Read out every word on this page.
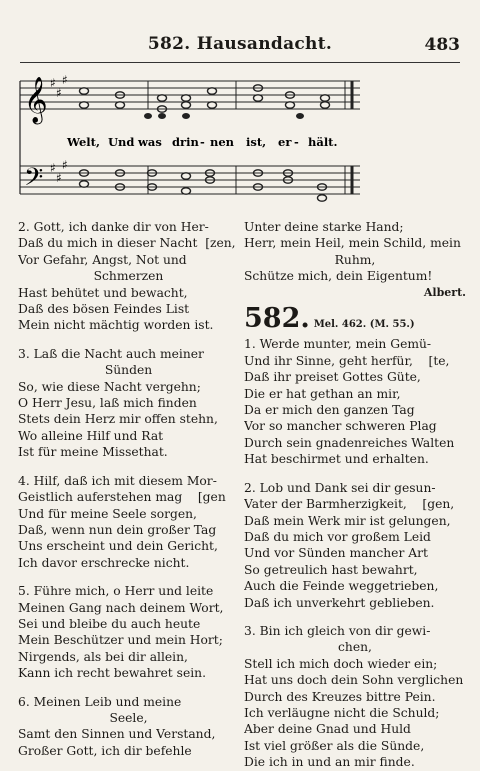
582. Hausandacht.	483
𝄞
𝄢
♯
♯
♯
♯
♯
♯
Welt, Und was drin - nen ist, er - hält.
2. Gott, ich danke dir von Her-
Daß du mich in dieser Nacht  [zen,
Vor Gefahr, Angst, Not und
Schmerzen
Hast behütet und bewacht,
Daß des bösen Feindes List
Mein nicht mächtig worden ist.
3. Laß die Nacht auch meiner
Sünden
So, wie diese Nacht vergehn;
O Herr Jesu, laß mich finden
Stets dein Herz mir offen stehn,
Wo alleine Hilf und Rat
Ist für meine Missethat.
4. Hilf, daß ich mit diesem Mor-
Geistlich auferstehen mag    [gen
Und für meine Seele sorgen,
Daß, wenn nun dein großer Tag
Uns erscheint und dein Gericht,
Ich davor erschrecke nicht.
5. Führe mich, o Herr und leite
Meinen Gang nach deinem Wort,
Sei und bleibe du auch heute
Mein Beschützer und mein Hort;
Nirgends, als bei dir allein,
Kann ich recht bewahret sein.
6. Meinen Leib und meine
Seele,
Samt den Sinnen und Verstand,
Großer Gott, ich dir befehle
Unter deine starke Hand;
Herr, mein Heil, mein Schild, mein
Ruhm,
Schütze mich, dein Eigentum!
Albert.
582. Mel. 462. (M. 55.)
1. Werde munter, mein Gemü-
Und ihr Sinne, geht herfür,    [te,
Daß ihr preiset Gottes Güte,
Die er hat gethan an mir,
Da er mich den ganzen Tag
Vor so mancher schweren Plag
Durch sein gnadenreiches Walten
Hat beschirmet und erhalten.
2. Lob und Dank sei dir gesun-
Vater der Barmherzigkeit,    [gen,
Daß mein Werk mir ist gelungen,
Daß du mich vor großem Leid
Und vor Sünden mancher Art
So getreulich hast bewahrt,
Auch die Feinde weggetrieben,
Daß ich unverkehrt geblieben.
3. Bin ich gleich von dir gewi-
chen,
Stell ich mich doch wieder ein;
Hat uns doch dein Sohn verglichen
Durch des Kreuzes bittre Pein.
Ich verläugne nicht die Schuld;
Aber deine Gnad und Huld
Ist viel größer als die Sünde,
Die ich in und an mir finde.
